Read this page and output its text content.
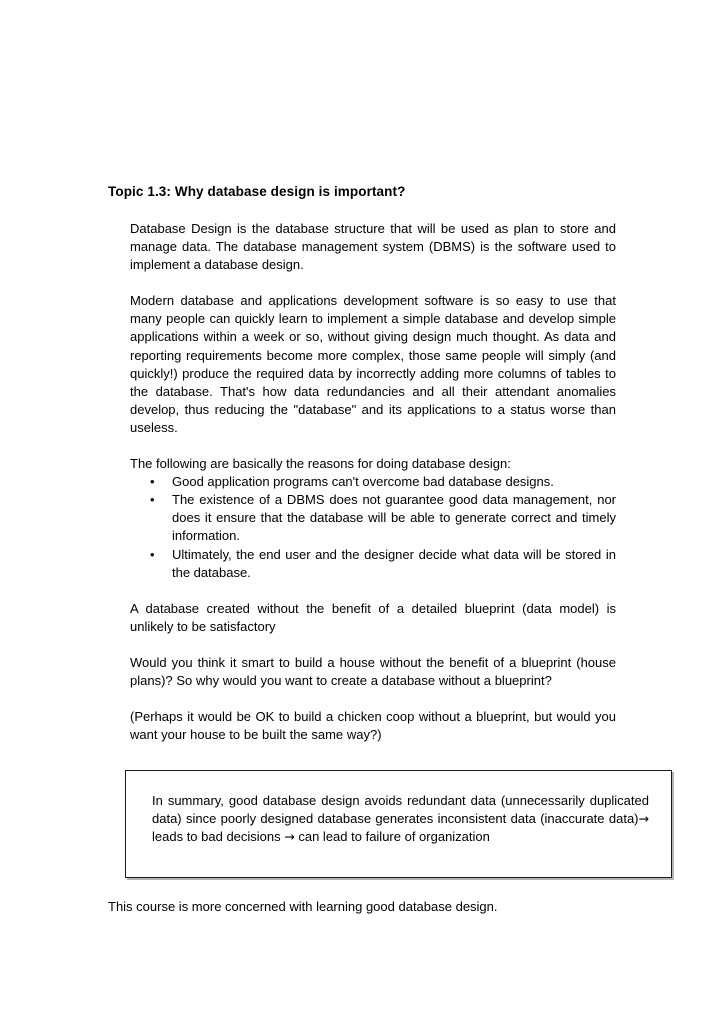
Topic 1.3: Why database design is important?

Database Design is the database structure that will be used as plan to store and manage data. The database management system (DBMS) is the software used to implement a database design.

Modern database and applications development software is so easy to use that many people can quickly learn to implement a simple database and develop simple applications within a week or so, without giving design much thought. As data and reporting requirements become more complex, those same people will simply (and quickly!) produce the required data by incorrectly adding more columns of tables to the database. That's how data redundancies and all their attendant anomalies develop, thus reducing the "database" and its applications to a status worse than useless.

The following are basically the reasons for doing database design:

• Good application programs can't overcome bad database designs.
• The existence of a DBMS does not guarantee good data management, nor does it ensure that the database will be able to generate correct and timely information.
• Ultimately, the end user and the designer decide what data will be stored in the database.

A database created without the benefit of a detailed blueprint (data model) is unlikely to be satisfactory

Would you think it smart to build a house without the benefit of a blueprint (house plans)? So why would you want to create a database without a blueprint?

(Perhaps it would be OK to build a chicken coop without a blueprint, but would you want your house to be built the same way?)

In summary, good database design avoids redundant data (unnecessarily duplicated data) since poorly designed database generates inconsistent data (inaccurate data)→ leads to bad decisions → can lead to failure of organization

This course is more concerned with learning good database design.
